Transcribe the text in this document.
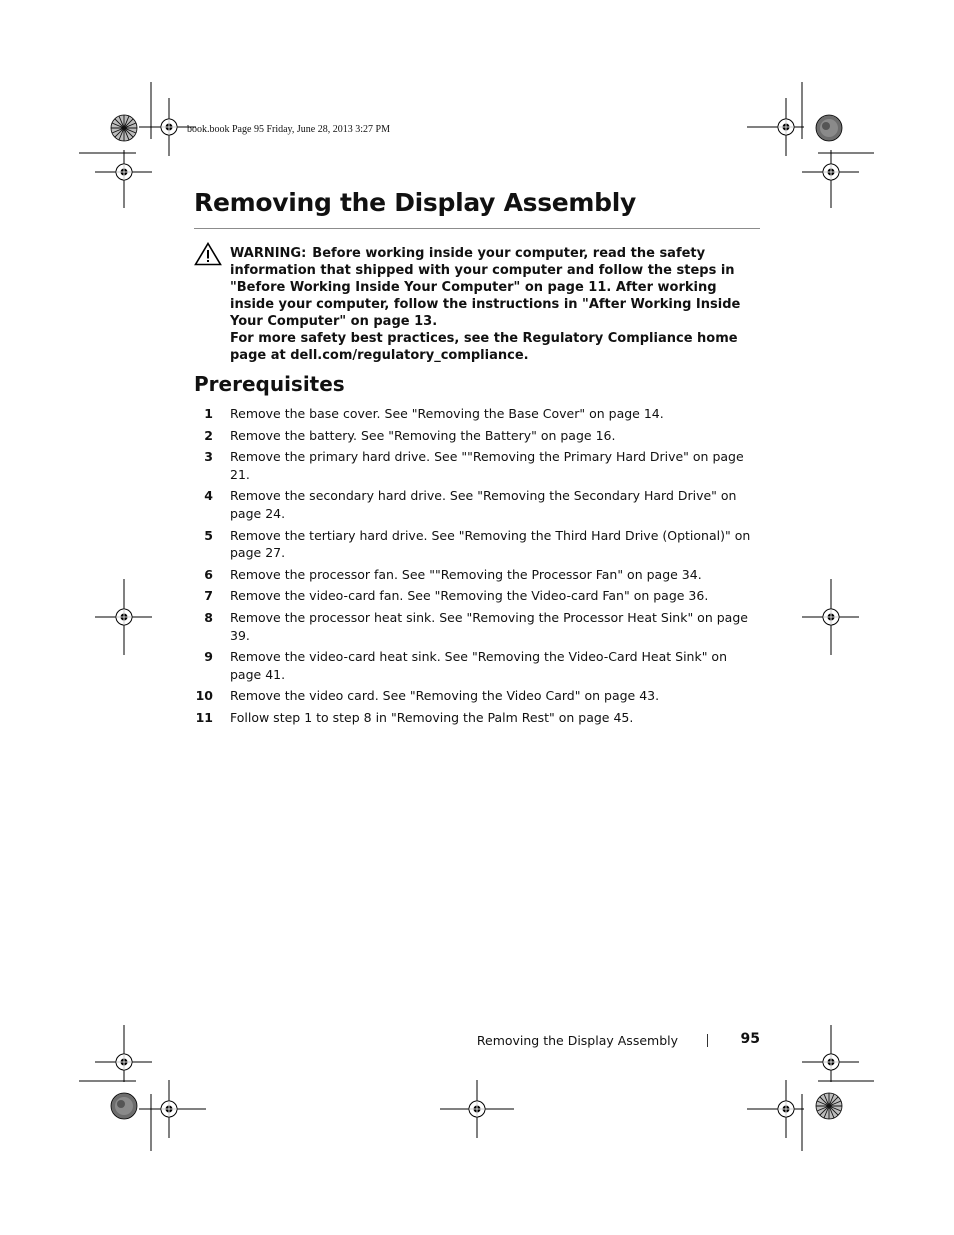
book.book Page 95 Friday, June 28, 2013 3:27 PM
Removing the Display Assembly

WARNING: Before working inside your computer, read the safety information that shipped with your computer and follow the steps in "Before Working Inside Your Computer" on page 11. After working inside your computer, follow the instructions in "After Working Inside Your Computer" on page 13.

For more safety best practices, see the Regulatory Compliance home page at dell.com/regulatory_compliance.

Prerequisites
1 Remove the base cover. See "Removing the Base Cover" on page 14.
2 Remove the battery. See "Removing the Battery" on page 16.
3 Remove the primary hard drive. See ""Removing the Primary Hard Drive" on page 21.
4 Remove the secondary hard drive. See "Removing the Secondary Hard Drive" on page 24.
5 Remove the tertiary hard drive. See "Removing the Third Hard Drive (Optional)" on page 27.
6 Remove the processor fan. See ""Removing the Processor Fan" on page 34.
7 Remove the video-card fan. See "Removing the Video-card Fan" on page 36.
8 Remove the processor heat sink. See "Removing the Processor Heat Sink" on page 39.
9 Remove the video-card heat sink. See "Removing the Video-Card Heat Sink" on page 41.
10 Remove the video card. See "Removing the Video Card" on page 43.
11 Follow step 1 to step 8 in "Removing the Palm Rest" on page 45.
Removing the Display Assembly	95
